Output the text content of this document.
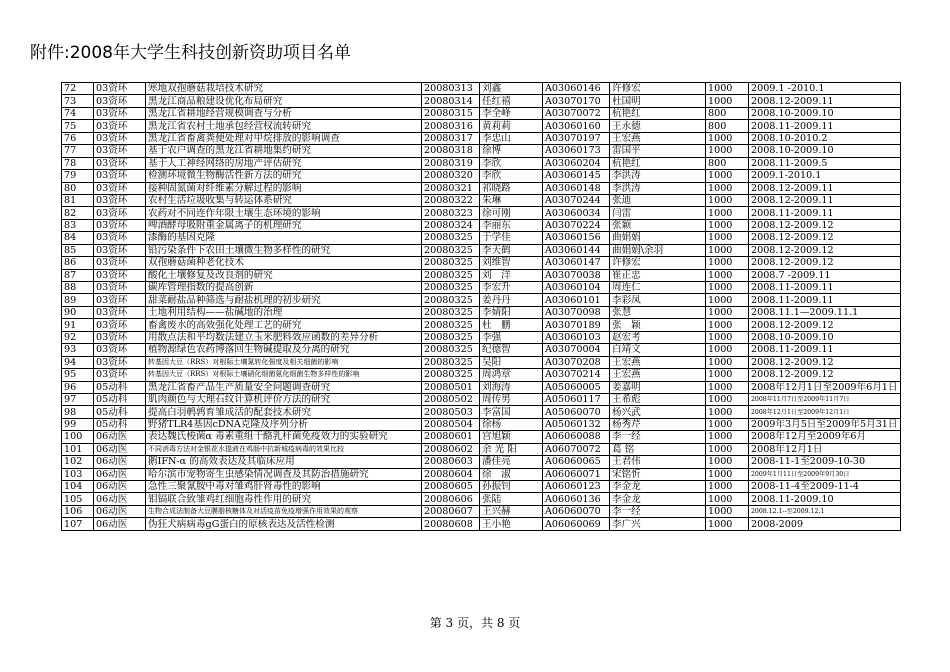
附件:2008年大学生科技创新资助项目名单
72	03资环	寒地双孢蘑菇栽培技术研究	20080313	刘鑫	A03060146	许修宏	1000	2009.1 -2010.1
73	03资环	黑龙江商品粮建设优化布局研究	20080314	任红禧	A03070170	杜国明	1000	2008.12-2009.11
74	03资环	黑龙江省耕地经营规模调查与分析	20080315	李全峰	A03070072	杭艳红	800	2008.10-2009.10
75	03资环	黑龙江省农村土地承包经营权流转研究	20080316	黄莉莉	A03060160	王永德	800	2008.11-2009.11
76	03资环	黑龙江省畜禽粪便处理对甲烷排放的影响调查	20080317	李忠山	A03070197	王宏燕	1000	2008.10-2010.2
77	03资环	基于农户调查的黑龙江省耕地集约研究	20080318	徐博	A03060173	雷国平	1000	2008.10-2009.10
78	03资环	基于人工神经网络的房地产评估研究	20080319	李欣	A03060204	杭艳红	800	2008.11-2009.5
79	03资环	检测环境微生物酶活性新方法的研究	20080320	李欣	A03060145	李洪涛	1000	2009.1-2010.1
80	03资环	接种固氮菌对纤维素分解过程的影响	20080321	祁晓路	A03060148	李洪涛	1000	2008.12-2009.11
81	03资环	农村生活垃圾收集与转运体系研究	20080322	朱琳	A03070244	张迪	1000	2008.12-2009.11
82	03资环	农药对不同连作年限土壤生态环境的影响	20080323	徐可刚	A03060034	闫雷	1000	2008.11-2009.11
83	03资环	啤酒酵母吸附重金属离子的机理研究	20080324	李丽东	A03070224	张颖	1000	2008.12-2009.12
84	03资环	漆酶的基因克隆	20080325	于学佳	A03060156	曲娟娟	1000	2008.12-2009.12
85	03资环	铅污染条件下农田土壤微生物多样性的研究	20080325	李天鹤	A03060144	曲娟娟\余羽	1000	2008.12-2009.12
86	03资环	双孢蘑菇菌种老化技术	20080325	刘维智	A03060147	许修宏	1000	2008.12-2009.12
87	03资环	酸化土壤修复及改良剂的研究	20080325	刘　洋	A03070038	崔正忠	1000	2008.7 -2009.11
88	03资环	碳库管理指数的提高创新	20080325	李宏升	A03060104	周连仁	1000	2008.11-2009.11
89	03资环	甜菜耐盐品种筛选与耐盐机理的初步研究	20080325	姜丹丹	A03060101	李彩凤	1000	2008.11-2009.11
90	03资环	土地利用结构——盐碱地的治理	20080325	李婧阳	A03070098	张慧	1000	2008.11.1—2009.11.1
91	03资环	畜禽废水的高效强化处理工艺的研究	20080325	杜　鹏	A03070189	张　颖	1000	2008.12-2009.12
92	03资环	用散点法和平均数法建立玉米肥料效应函数的差异分析	20080325	李强	A03060103	赵宏考	1000	2008.10-2009.10
93	03资环	植物源绿色农药博落回生物碱提取及分离的研究	20080325	纪德智	A03070004	白靖文	1000	2008.11-2009.11
94	03资环	转基因大豆（RRS）对根际土壤氮转化强度及相关细菌的影响	20080325	吴阳	A03070208	王宏燕	1000	2008.12-2009.12
95	03资环	转基因大豆（RRS）对根际土壤硝化细菌氨化细菌生物多样性的影响	20080325	周鸿章	A03070214	王宏燕	1000	2008.12-2009.12
96	05动科	黑龙江省畜产品生产质量安全问题调查研究	20080501	刘海涛	A05060005	姜嘉明	1000	2008年12月1日至2009年6月1日
97	05动科	肌肉颜色与大理石纹计算机评价方法的研究	20080502	周传男	A05060117	王希彪	1000	2008年11月7日至2009年11月7日
98	05动科	提高白羽鹌鹑育雏成活的配套技术研究	20080503	李富国	A05060070	杨兴武	1000	2008年12月1日至2009年12月1日
99	05动科	野猪TLR4基因cDNA克隆及序列分析	20080504	徐杨	A05060132	杨秀芹	1000	2009年3月5日至2009年5月31日
100	06动医	表达魏氏梭菌α 毒素重组干酪乳杆菌免疫效力的实验研究	20080601	宫旭颖	A06060088	李一经	1000	2008年12月至2009年6月
101	06动医	不同消毒方法对金银花水提液在鸡肠中抗新城疫病毒的效果比较	20080602	余 光 阳	A06070072	葛 铭	1000	2008年12月1日
102	06动医	鹅IFN-α 的高效表达及其临床应用	20080603	潘佳亮	A06060065	王君伟	1000	2008-11-1至2009-10-30
103	06动医	哈尔滨市宠物寄生虫感染情况调查及其防治措施研究	20080604	徐　淑	A06060071	宋铭忻	1000	2009年1月11日至2009年9月30日
104	06动医	急性三聚氰胺中毒对雏鸡肝肾毒性的影响	20080605	孙振钊	A06060123	李金龙	1000	2008-11-4至2009-11-4
105	06动医	钼镉联合致雏鸡红细胞毒性作用的研究	20080606	张陆	A06060136	李金龙	1000	2008.11-2009.10
106	06动医	生物合成法制备大豆膜脂核糖体及对活疫苗免疫增强作用效果的观察	20080607	王兴赫	A06060070	李一经	1000	2008.12.1--至2009.12.1
107	06动医	伪狂犬病病毒gG蛋白的原核表达及活性检测	20080608	王小艳	A06060069	李广兴	1000	2008-2009
第 3 页，共 8 页
